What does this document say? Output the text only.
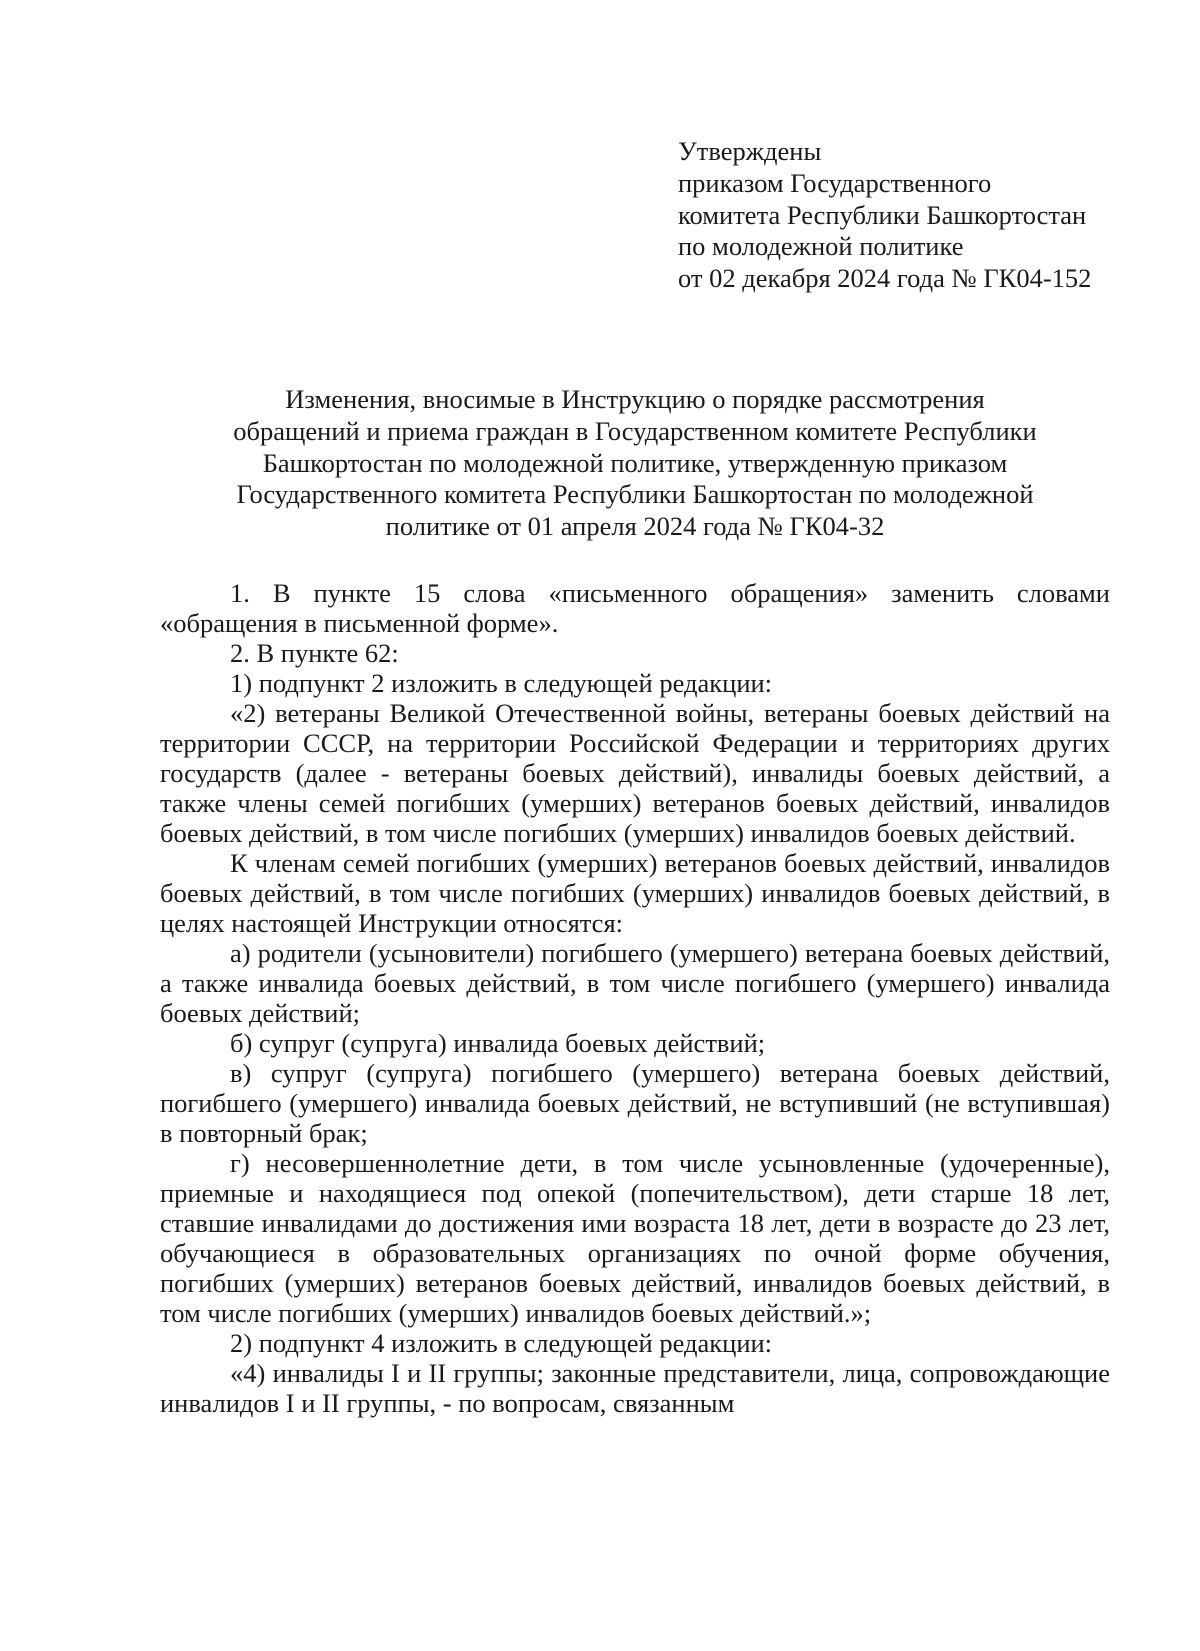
Утверждены
приказом Государственного
комитета Республики Башкортостан
по молодежной политике
от 02 декабря 2024 года № ГК04-152
Изменения, вносимые в Инструкцию о порядке рассмотрения
обращений и приема граждан в Государственном комитете Республики
Башкортостан по молодежной политике, утвержденную приказом
Государственного комитета Республики Башкортостан по молодежной
политике от 01 апреля 2024 года № ГК04-32

1. В пункте 15 слова «письменного обращения» заменить словами «обращения в письменной форме».

2. В пункте 62:

1) подпункт 2 изложить в следующей редакции:

«2) ветераны Великой Отечественной войны, ветераны боевых действий на территории СССР, на территории Российской Федерации и территориях других государств (далее - ветераны боевых действий), инвалиды боевых действий, а также члены семей погибших (умерших) ветеранов боевых действий, инвалидов боевых действий, в том числе погибших (умерших) инвалидов боевых действий.

К членам семей погибших (умерших) ветеранов боевых действий, инвалидов боевых действий, в том числе погибших (умерших) инвалидов боевых действий, в целях настоящей Инструкции относятся:

а) родители (усыновители) погибшего (умершего) ветерана боевых действий, а также инвалида боевых действий, в том числе погибшего (умершего) инвалида боевых действий;

б) супруг (супруга) инвалида боевых действий;

в) супруг (супруга) погибшего (умершего) ветерана боевых действий, погибшего (умершего) инвалида боевых действий, не вступивший (не вступившая) в повторный брак;

г) несовершеннолетние дети, в том числе усыновленные (удочеренные), приемные и находящиеся под опекой (попечительством), дети старше 18 лет, ставшие инвалидами до достижения ими возраста 18 лет, дети в возрасте до 23 лет, обучающиеся в образовательных организациях по очной форме обучения, погибших (умерших) ветеранов боевых действий, инвалидов боевых действий, в том числе погибших (умерших) инвалидов боевых действий.»;

2) подпункт 4 изложить в следующей редакции:

«4) инвалиды I и II группы; законные представители, лица, сопровождающие инвалидов I и II группы, - по вопросам, связанным
